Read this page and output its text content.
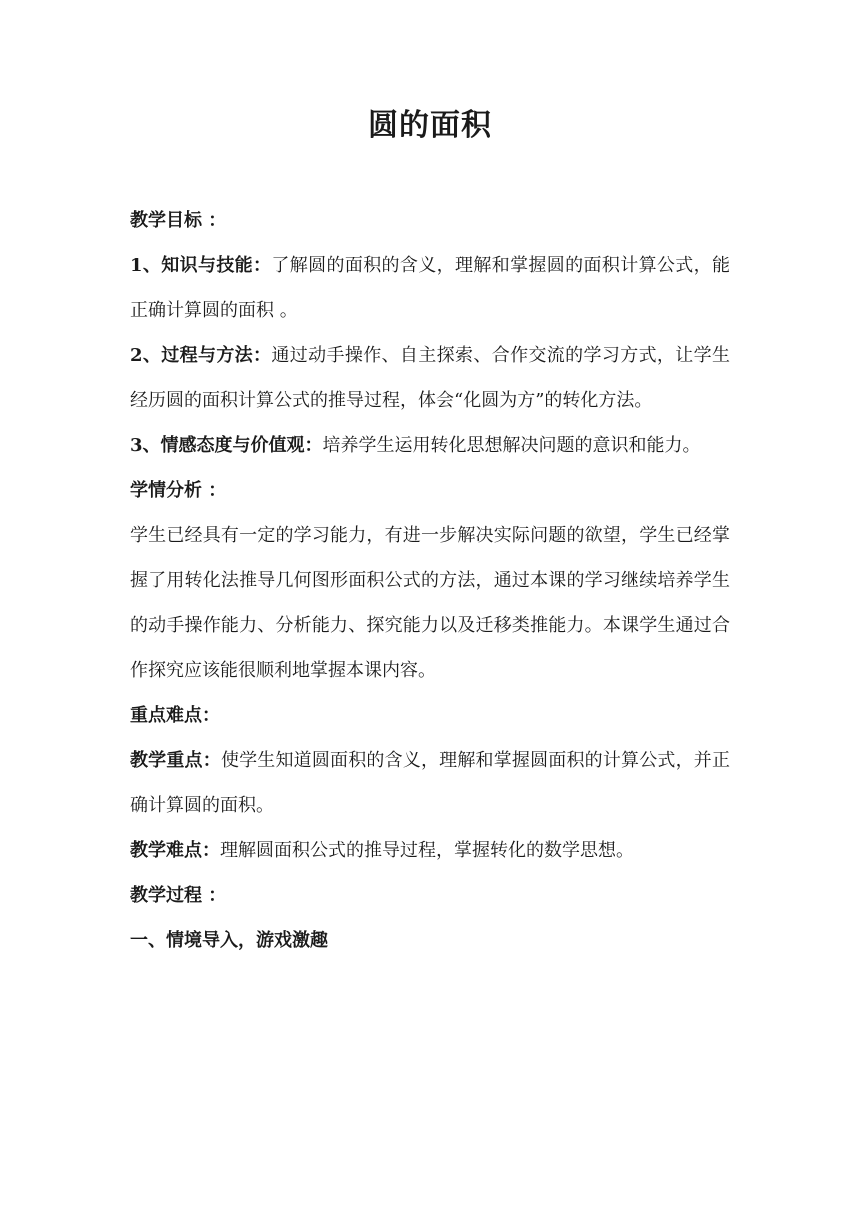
圆的面积

教学目标 ：

1、知识与技能：了解圆的面积的含义，理解和掌握圆的面积计算公式，能正确计算圆的面积 。

2、过程与方法：通过动手操作、自主探索、合作交流的学习方式，让学生经历圆的面积计算公式的推导过程，体会“化圆为方”的转化方法。

3、情感态度与价值观：培养学生运用转化思想解决问题的意识和能力。

学情分析 ：

学生已经具有一定的学习能力，有进一步解决实际问题的欲望，学生已经掌握了用转化法推导几何图形面积公式的方法，通过本课的学习继续培养学生的动手操作能力、分析能力、探究能力以及迁移类推能力。本课学生通过合作探究应该能很顺利地掌握本课内容。

重点难点：

教学重点：使学生知道圆面积的含义，理解和掌握圆面积的计算公式，并正确计算圆的面积。

教学难点：理解圆面积公式的推导过程，掌握转化的数学思想。

教学过程 ：

一、情境导入，游戏激趣
